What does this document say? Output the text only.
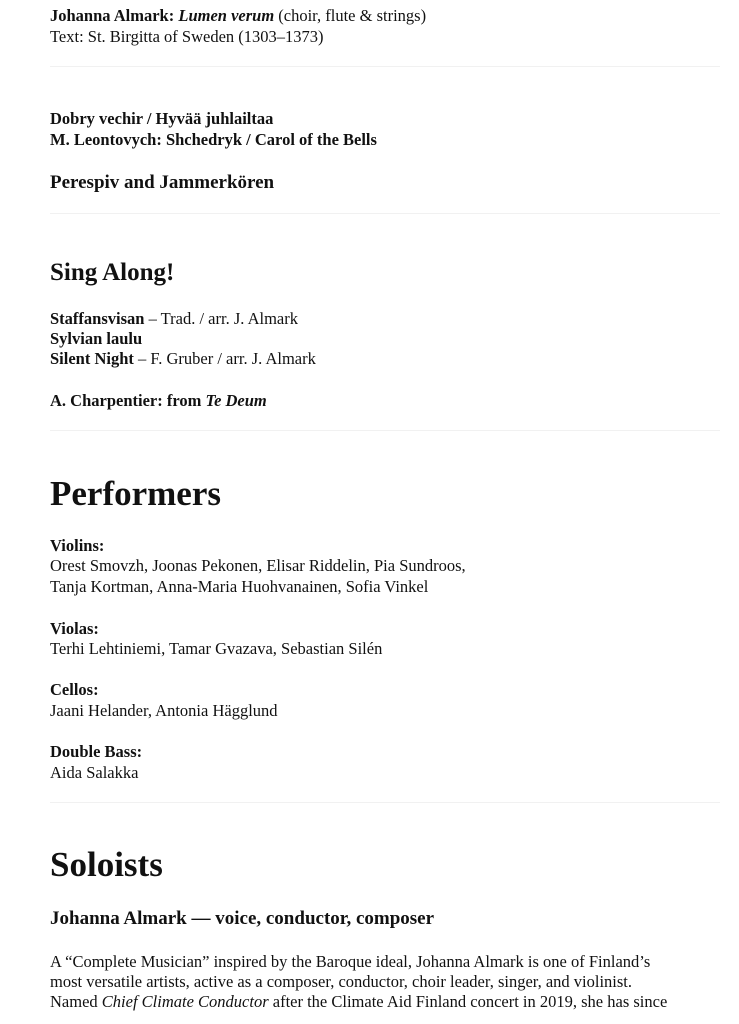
Johanna Almark: Lumen verum (choir, flute & strings)
Text: St. Birgitta of Sweden (1303–1373)
Dobry vechir / Hyvää juhlailtaa
M. Leontovych: Shchedryk / Carol of the Bells
Perespiv and Jammerkören
Sing Along!
Staffansvisan – Trad. / arr. J. Almark
Sylvian laulu
Silent Night – F. Gruber / arr. J. Almark
A. Charpentier: from Te Deum
Performers
Violins:
Orest Smovzh, Joonas Pekonen, Elisar Riddelin, Pia Sundroos,
Tanja Kortman, Anna-Maria Huohvanainen, Sofia Vinkel
Violas:
Terhi Lehtiniemi, Tamar Gvazava, Sebastian Silén
Cellos:
Jaani Helander, Antonia Hägglund
Double Bass:
Aida Salakka
Soloists
Johanna Almark — voice, conductor, composer
A “Complete Musician” inspired by the Baroque ideal, Johanna Almark is one of Finland’s
most versatile artists, active as a composer, conductor, choir leader, singer, and violinist.
Named Chief Climate Conductor after the Climate Aid Finland concert in 2019, she has since
